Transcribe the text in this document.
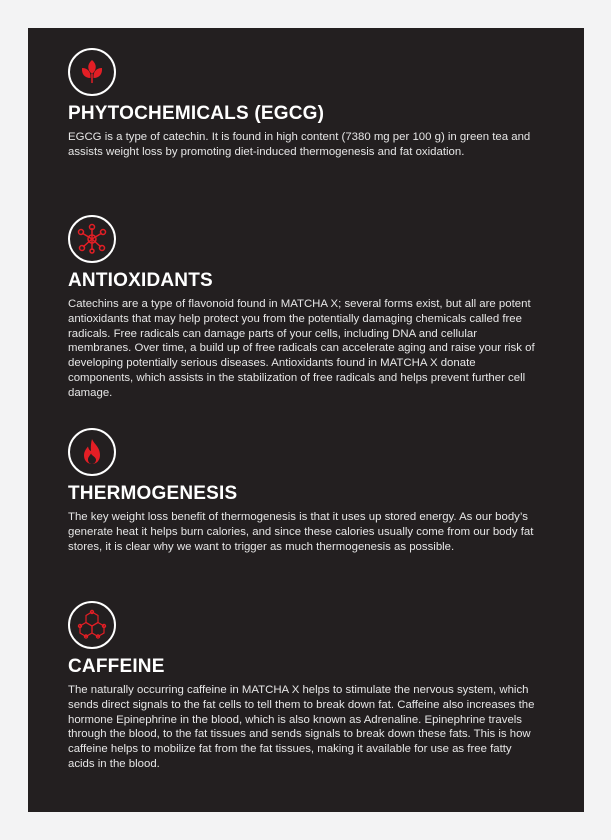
PHYTOCHEMICALS (EGCG)

EGCG is a type of catechin. It is found in high content (7380 mg per 100 g) in green tea and assists weight loss by promoting diet-induced thermogenesis and fat oxidation.

ANTIOXIDANTS

Catechins are a type of flavonoid found in MATCHA X; several forms exist, but all are potent antioxidants that may help protect you from the potentially damaging chemicals called free radicals. Free radicals can damage parts of your cells, including DNA and cellular membranes. Over time, a build up of free radicals can accelerate aging and raise your risk of developing potentially serious diseases. Antioxidants found in MATCHA X donate components, which assists in the stabilization of free radicals and helps prevent further cell damage.

THERMOGENESIS

The key weight loss benefit of thermogenesis is that it uses up stored energy. As our body’s generate heat it helps burn calories, and since these calories usually come from our body fat stores, it is clear why we want to trigger as much thermogenesis as possible.

CAFFEINE

The naturally occurring caffeine in MATCHA X helps to stimulate the nervous system, which sends direct signals to the fat cells to tell them to break down fat. Caffeine also increases the hormone Epinephrine in the blood, which is also known as Adrenaline. Epinephrine travels through the blood, to the fat tissues and sends signals to break down these fats. This is how caffeine helps to mobilize fat from the fat tissues, making it available for use as free fatty acids in the blood.
